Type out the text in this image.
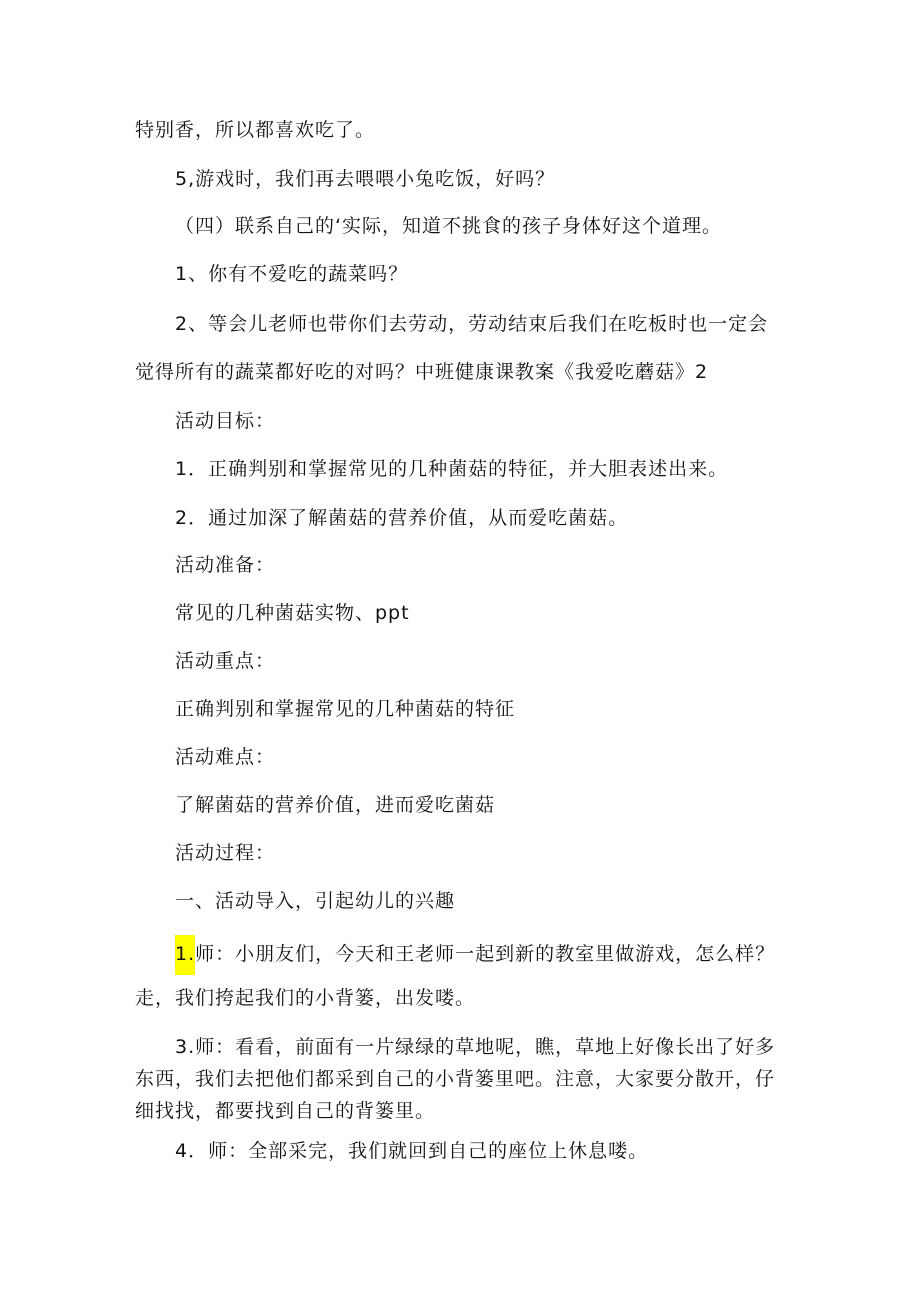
特别香，所以都喜欢吃了。
5,游戏时，我们再去喂喂小兔吃饭，好吗？
（四）联系自己的‘实际，知道不挑食的孩子身体好这个道理。
1、你有不爱吃的蔬菜吗？
2、等会儿老师也带你们去劳动，劳动结束后我们在吃板时也一定会
觉得所有的蔬菜都好吃的对吗？中班健康课教案《我爱吃蘑菇》2
活动目标：
1．正确判别和掌握常见的几种菌菇的特征，并大胆表述出来。
2．通过加深了解菌菇的营养价值，从而爱吃菌菇。
活动准备：
常见的几种菌菇实物、ppt
活动重点：
正确判别和掌握常见的几种菌菇的特征
活动难点：
了解菌菇的营养价值，进而爱吃菌菇
活动过程：
一、活动导入，引起幼儿的兴趣
1.师：小朋友们，今天和王老师一起到新的教室里做游戏，怎么样？
走，我们挎起我们的小背篓，出发喽。
3.师：看看，前面有一片绿绿的草地呢，瞧，草地上好像长出了好多
东西，我们去把他们都采到自己的小背篓里吧。注意，大家要分散开，仔
细找找，都要找到自己的背篓里。
4．师：全部采完，我们就回到自己的座位上休息喽。
